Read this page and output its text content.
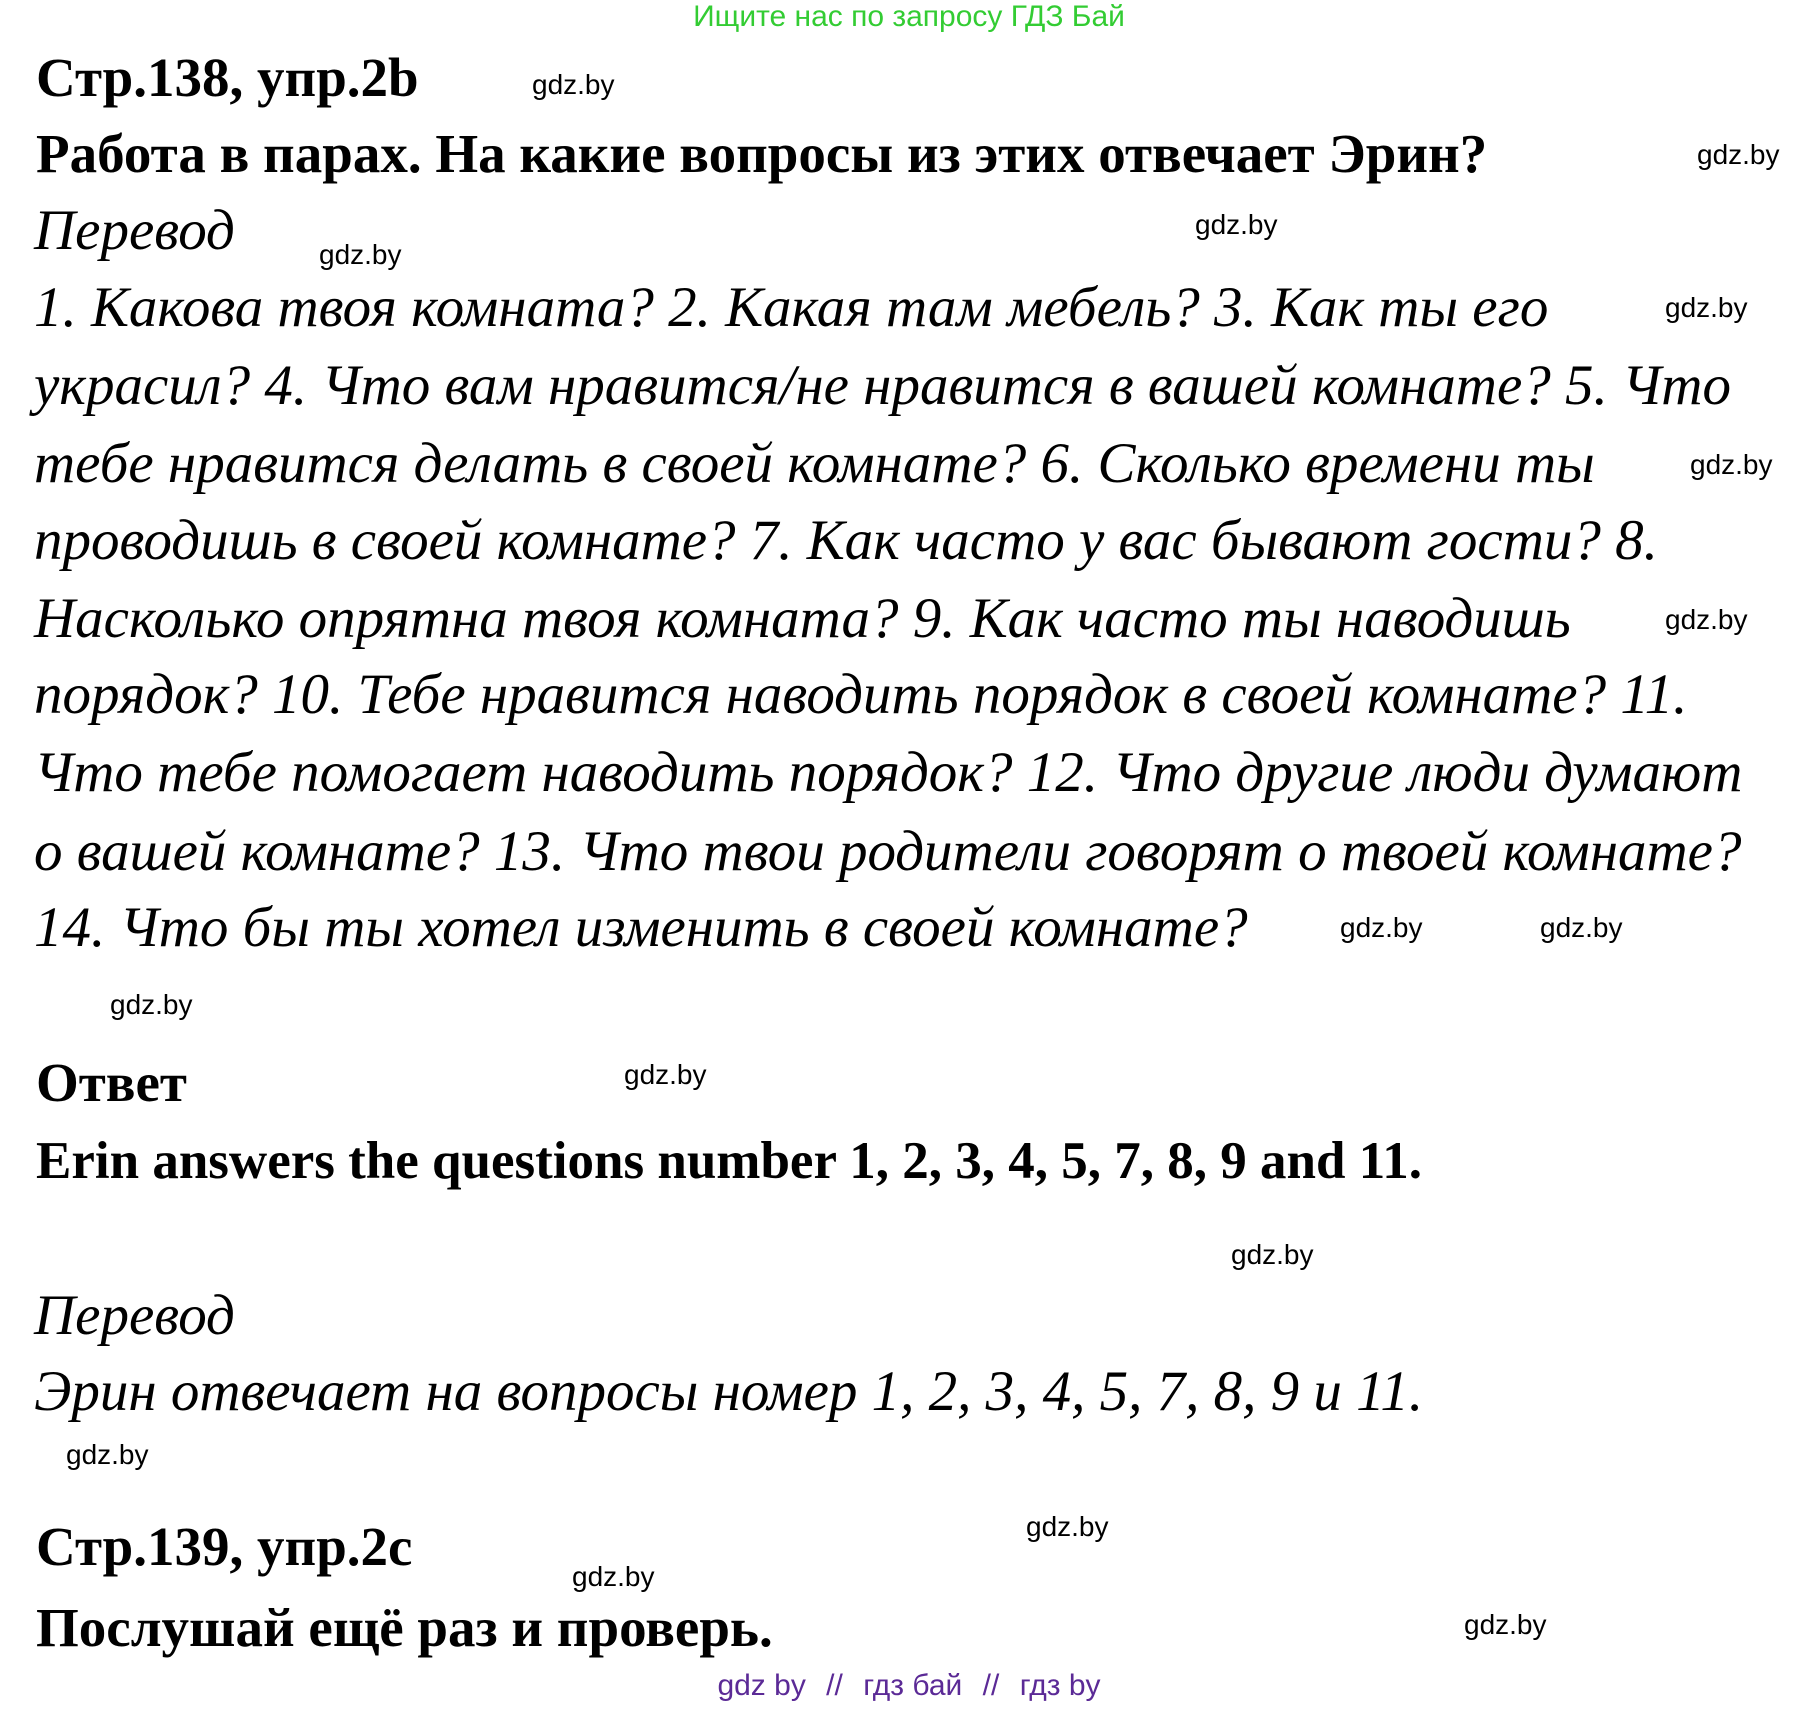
Ищите нас по запросу ГДЗ Бай
Стр.138, упр.2b
Работа в парах. На какие вопросы из этих отвечает Эрин?
Перевод
1. Какова твоя комната? 2. Какая там мебель? 3. Как ты его
украсил? 4. Что вам нравится/не нравится в вашей комнате? 5. Что
тебе нравится делать в своей комнате? 6. Сколько времени ты
проводишь в своей комнате? 7. Как часто у вас бывают гости? 8.
Насколько опрятна твоя комната? 9. Как часто ты наводишь
порядок? 10. Тебе нравится наводить порядок в своей комнате? 11.
Что тебе помогает наводить порядок? 12. Что другие люди думают
о вашей комнате? 13. Что твои родители говорят о твоей комнате?
14. Что бы ты хотел изменить в своей комнате?
Ответ
Erin answers the questions number 1, 2, 3, 4, 5, 7, 8, 9 and 11.
Перевод
Эрин отвечает на вопросы номер 1, 2, 3, 4, 5, 7, 8, 9 и 11.
Стр.139, упр.2c
Послушай ещё раз и проверь.
gdz.by
gdz.by
gdz.by
gdz.by
gdz.by
gdz.by
gdz.by
gdz.by	gdz.by
gdz.by
gdz.by
gdz.by
gdz.by
gdz.by
gdz.by
gdz.by
gdz by // гдз бай // гдз by
